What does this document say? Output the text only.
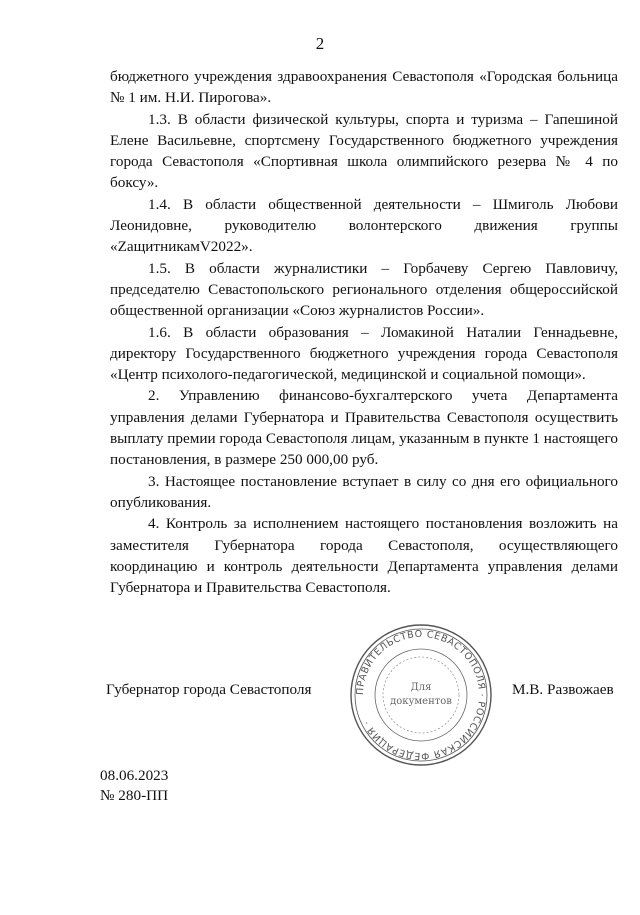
2

бюджетного учреждения здравоохранения Севастополя «Городская больница № 1 им. Н.И. Пирогова».

1.3. В области физической культуры, спорта и туризма – Гапешиной Елене Васильевне, спортсмену Государственного бюджетного учреждения города Севастополя «Спортивная школа олимпийского резерва № 4 по боксу».

1.4. В области общественной деятельности – Шмиголь Любови Леонидовне, руководителю волонтерского движения группы «ZащитникамV2022».

1.5. В области журналистики – Горбачеву Сергею Павловичу, председателю Севастопольского регионального отделения общероссийской общественной организации «Союз журналистов России».

1.6. В области образования – Ломакиной Наталии Геннадьевне, директору Государственного бюджетного учреждения города Севастополя «Центр психолого-педагогической, медицинской и социальной помощи».

2. Управлению финансово-бухгалтерского учета Департамента управления делами Губернатора и Правительства Севастополя осуществить выплату премии города Севастополя лицам, указанным в пункте 1 настоящего постановления, в размере 250 000,00 руб.

3. Настоящее постановление вступает в силу со дня его официального опубликования.

4. Контроль за исполнением настоящего постановления возложить на заместителя Губернатора города Севастополя, осуществляющего координацию и контроль деятельности Департамента управления делами Губернатора и Правительства Севастополя.

Губернатор города Севастополя	ПРАВИТЕЛЬСТВО СЕВАСТОПОЛЯ · РОССИЙСКАЯ ФЕДЕРАЦИЯ ·
Для
документов
М.В. Развожаев
08.06.2023
№ 280-ПП
